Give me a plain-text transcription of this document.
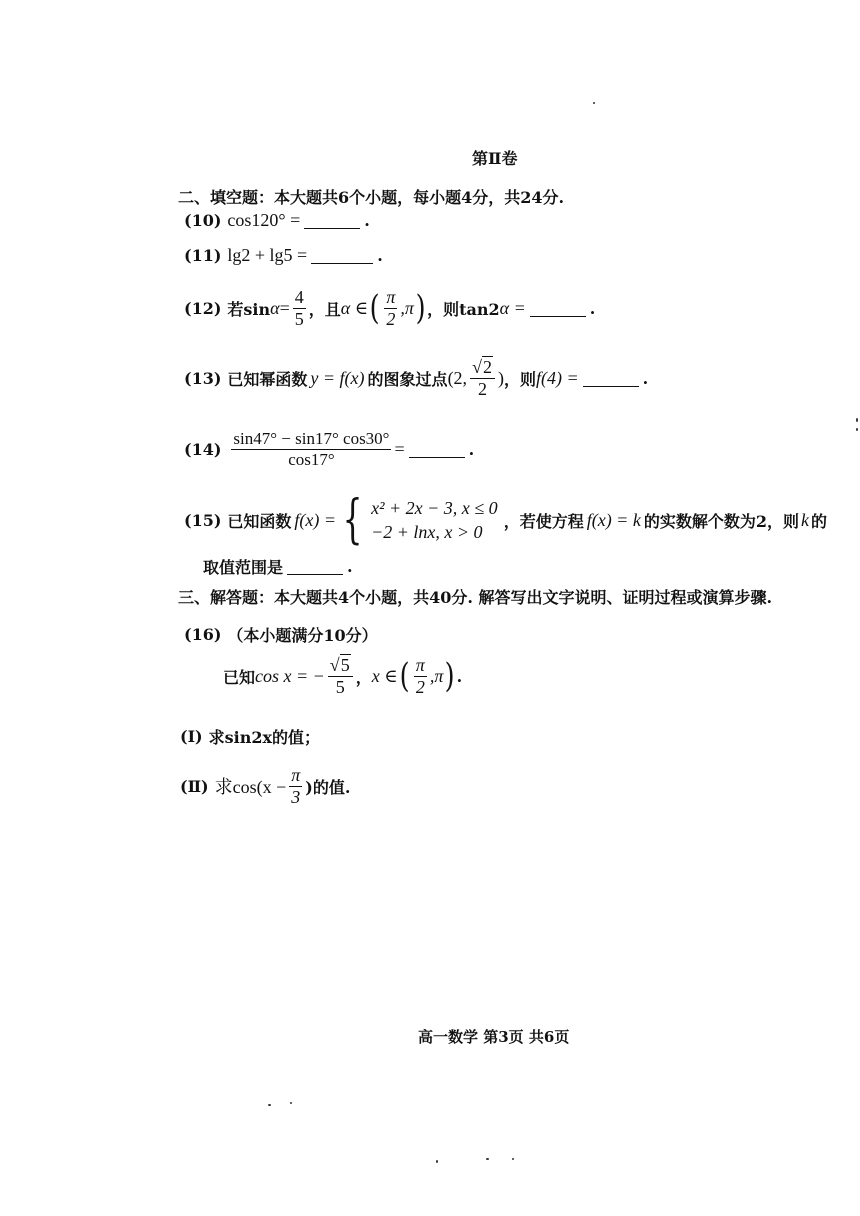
第Ⅱ卷
二、填空题：本大题共6个小题，每小题4分，共24分.
(10) cos120° =	.
(11) lg2 + lg5 =	.
(12) 若$\sin \alpha = \frac{4}{5}$ ，且 α ∈ ( $\frac{\pi}{2} ,\pi$ ) ，则tan2 α =	.
(13) 已知幂函数 y = f(x) 的图象过点 (2, $\frac{√2}{2}$ ) ，则 f(4) =	.
$(14) \frac{\sin 47^\circ - \sin 17^\circ \cos 30^\circ}{\cos 17^\circ}$ =	.
(15) 已知函数 f(x) = { x² + 2x − 3, x ≤ 0
−2 + lnx, x > 0
，若使方程 f(x) = k 的实数解个数为2，则 k 的
取值范围是	.
三、解答题：本大题共4个小题，共40分. 解答写出文字说明、证明过程或演算步骤.
(16) （本小题满分10分）
已知 cos x = − $\frac{√5}{5}$ ， x ∈ ( $\frac{\pi}{2} ,\pi$ ) .
(Ⅰ) 求sin2x的值；
(Ⅱ) 求$\cos(x - \frac{\pi}{3}$ )的值.
高一数学 第3页 共6页
